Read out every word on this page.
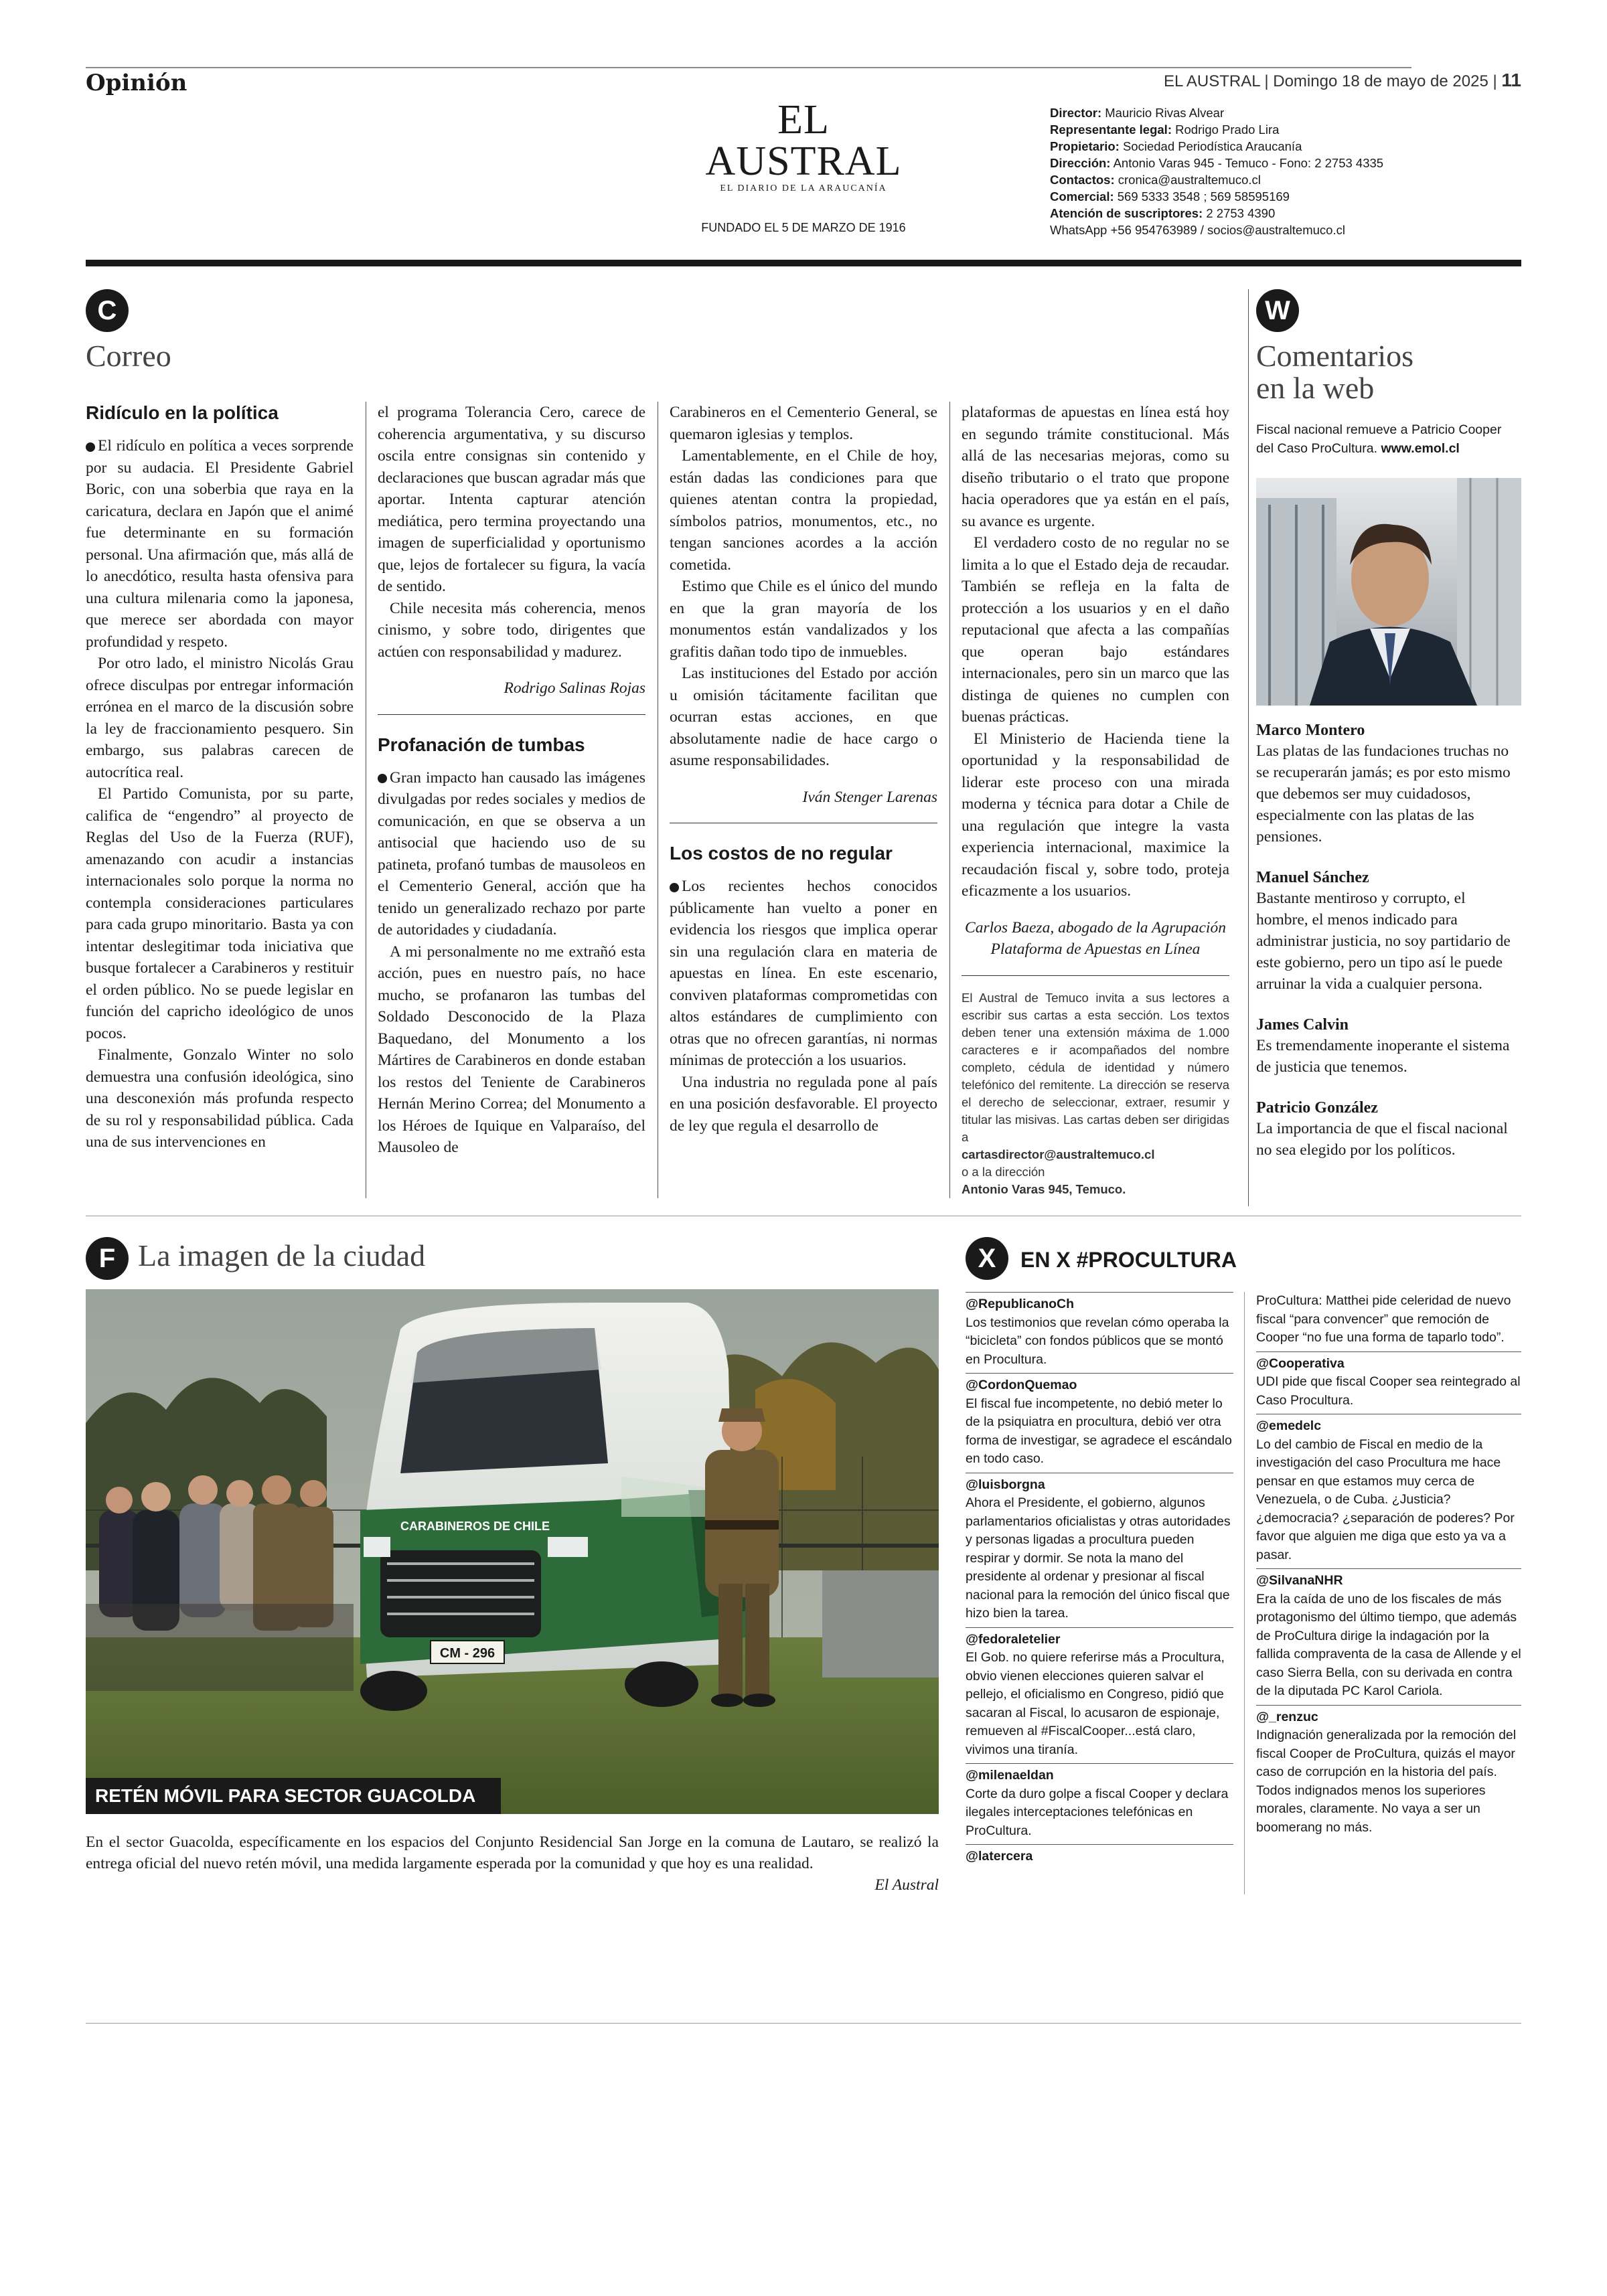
Opinión	EL AUSTRAL | Domingo 18 de mayo de 2025 | 11
EL AUSTRAL
EL DIARIO DE LA ARAUCANÍA
FUNDADO EL 5 DE MARZO DE 1916
Director: Mauricio Rivas Alvear
Representante legal: Rodrigo Prado Lira
Propietario: Sociedad Periodística Araucanía
Dirección: Antonio Varas 945 - Temuco - Fono: 2 2753 4335
Contactos: cronica@australtemuco.cl
Comercial: 569 5333 3548 ; 569 58595169
Atención de suscriptores: 2 2753 4390
WhatsApp +56 954763989 / socios@australtemuco.cl
C
Correo
Ridículo en la política

El ridículo en política a veces sorprende por su audacia. El Presidente Gabriel Boric, con una soberbia que raya en la caricatura, declara en Japón que el animé fue determinante en su formación personal. Una afirmación que, más allá de lo anecdótico, resulta hasta ofensiva para una cultura milenaria como la japonesa, que merece ser abordada con mayor profundidad y respeto.

Por otro lado, el ministro Nicolás Grau ofrece disculpas por entregar información errónea en el marco de la discusión sobre la ley de fraccionamiento pesquero. Sin embargo, sus palabras carecen de autocrítica real.

El Partido Comunista, por su parte, califica de “engendro” al proyecto de Reglas del Uso de la Fuerza (RUF), amenazando con acudir a instancias internacionales solo porque la norma no contempla consideraciones particulares para cada grupo minoritario. Basta ya con intentar deslegitimar toda iniciativa que busque fortalecer a Carabineros y restituir el orden público. No se puede legislar en función del capricho ideológico de unos pocos.

Finalmente, Gonzalo Winter no solo demuestra una confusión ideológica, sino una desconexión más profunda respecto de su rol y responsabilidad pública. Cada una de sus intervenciones en

el programa Tolerancia Cero, carece de coherencia argumentativa, y su discurso oscila entre consignas sin contenido y declaraciones que buscan agradar más que aportar. Intenta capturar atención mediática, pero termina proyectando una imagen de superficialidad y oportunismo que, lejos de fortalecer su figura, la vacía de sentido.

Chile necesita más coherencia, menos cinismo, y sobre todo, dirigentes que actúen con responsabilidad y madurez.

Rodrigo Salinas Rojas

Profanación de tumbas

Gran impacto han causado las imágenes divulgadas por redes sociales y medios de comunicación, en que se observa a un antisocial que haciendo uso de su patineta, profanó tumbas de mausoleos en el Cementerio General, acción que ha tenido un generalizado rechazo por parte de autoridades y ciudadanía.

A mi personalmente no me extrañó esta acción, pues en nuestro país, no hace mucho, se profanaron las tumbas del Soldado Desconocido de la Plaza Baquedano, del Monumento a los Mártires de Carabineros en donde estaban los restos del Teniente de Carabineros Hernán Merino Correa; del Monumento a los Héroes de Iquique en Valparaíso, del Mausoleo de

Carabineros en el Cementerio General, se quemaron iglesias y templos.

Lamentablemente, en el Chile de hoy, están dadas las condiciones para que quienes atentan contra la propiedad, símbolos patrios, monumentos, etc., no tengan sanciones acordes a la acción cometida.

Estimo que Chile es el único del mundo en que la gran mayoría de los monumentos están vandalizados y los grafitis dañan todo tipo de inmuebles.

Las instituciones del Estado por acción u omisión tácitamente facilitan que ocurran estas acciones, en que absolutamente nadie de hace cargo o asume responsabilidades.

Iván Stenger Larenas

Los costos de no regular

Los recientes hechos conocidos públicamente han vuelto a poner en evidencia los riesgos que implica operar sin una regulación clara en materia de apuestas en línea. En este escenario, conviven plataformas comprometidas con altos estándares de cumplimiento con otras que no ofrecen garantías, ni normas mínimas de protección a los usuarios.

Una industria no regulada pone al país en una posición desfavorable. El proyecto de ley que regula el desarrollo de

plataformas de apuestas en línea está hoy en segundo trámite constitucional. Más allá de las necesarias mejoras, como su diseño tributario o el trato que propone hacia operadores que ya están en el país, su avance es urgente.

El verdadero costo de no regular no se limita a lo que el Estado deja de recaudar. También se refleja en la falta de protección a los usuarios y en el daño reputacional que afecta a las compañías que operan bajo estándares internacionales, pero sin un marco que las distinga de quienes no cumplen con buenas prácticas.

El Ministerio de Hacienda tiene la oportunidad y la responsabilidad de liderar este proceso con una mirada moderna y técnica para dotar a Chile de una regulación que integre la vasta experiencia internacional, maximice la recaudación fiscal y, sobre todo, proteja eficazmente a los usuarios.

Carlos Baeza, abogado de la Agrupación Plataforma de Apuestas en Línea

El Austral de Temuco invita a sus lectores a escribir sus cartas a esta sección. Los textos deben tener una extensión máxima de 1.000 caracteres e ir acompañados del nombre completo, cédula de identidad y número telefónico del remitente. La dirección se reserva el derecho de seleccionar, extraer, resumir y titular las misivas. Las cartas deben ser dirigidas a
cartasdirector@australtemuco.cl
o a la dirección
Antonio Varas 945, Temuco.
W
Comentarios
en la web
Fiscal nacional remueve a Patricio Cooper del Caso ProCultura. www.emol.cl
Marco Montero
Las platas de las fundaciones truchas no se recuperarán jamás; es por esto mismo que debemos ser muy cuidadosos, especialmente con las platas de las pensiones.
Manuel Sánchez
Bastante mentiroso y corrupto, el hombre, el menos indicado para administrar justicia, no soy partidario de este gobierno, pero un tipo así le puede arruinar la vida a cualquier persona.
James Calvin
Es tremendamente inoperante el sistema de justicia que tenemos.
Patricio González
La importancia de que el fiscal nacional no sea elegido por los políticos.
F La imagen de la ciudad
CARABINEROS DE CHILE
CM - 296
RETÉN MÓVIL PARA SECTOR GUACOLDA
En el sector Guacolda, específicamente en los espacios del Conjunto Residencial San Jorge en la comuna de Lautaro, se realizó la entrega oficial del nuevo retén móvil, una medida largamente esperada por la comunidad y que hoy es una realidad.
El Austral
X	EN X #PROCULTURA
@RepublicanoCh
Los testimonios que revelan cómo operaba la “bicicleta” con fondos públicos que se montó en Procultura.
@CordonQuemao
El fiscal fue incompetente, no debió meter lo de la psiquiatra en procultura, debió ver otra forma de investigar, se agradece el escándalo en todo caso.
@luisborgna
Ahora el Presidente, el gobierno, algunos parlamentarios oficialistas y otras autoridades y personas ligadas a procultura pueden respirar y dormir. Se nota la mano del presidente al ordenar y presionar al fiscal nacional para la remoción del único fiscal que hizo bien la tarea.
@fedoraletelier
El Gob. no quiere referirse más a Procultura, obvio vienen elecciones quieren salvar el pellejo, el oficialismo en Congreso, pidió que sacaran al Fiscal, lo acusaron de espionaje, remueven al #FiscalCooper...está claro, vivimos una tiranía.
@milenaeldan
Corte da duro golpe a fiscal Cooper y declara ilegales interceptaciones telefónicas en ProCultura.
@latercera
ProCultura: Matthei pide celeridad de nuevo fiscal “para convencer” que remoción de Cooper “no fue una forma de taparlo todo”.
@Cooperativa
UDI pide que fiscal Cooper sea reintegrado al Caso Procultura.
@emedelc
Lo del cambio de Fiscal en medio de la investigación del caso Procultura me hace pensar en que estamos muy cerca de Venezuela, o de Cuba. ¿Justicia? ¿democracia? ¿separación de poderes? Por favor que alguien me diga que esto ya va a pasar.
@SilvanaNHR
Era la caída de uno de los fiscales de más protagonismo del último tiempo, que además de ProCultura dirige la indagación por la fallida compraventa de la casa de Allende y el caso Sierra Bella, con su derivada en contra de la diputada PC Karol Cariola.
@_renzuc
Indignación generalizada por la remoción del fiscal Cooper de ProCultura, quizás el mayor caso de corrupción en la historia del país. Todos indignados menos los superiores morales, claramente. No vaya a ser un boomerang no más.
